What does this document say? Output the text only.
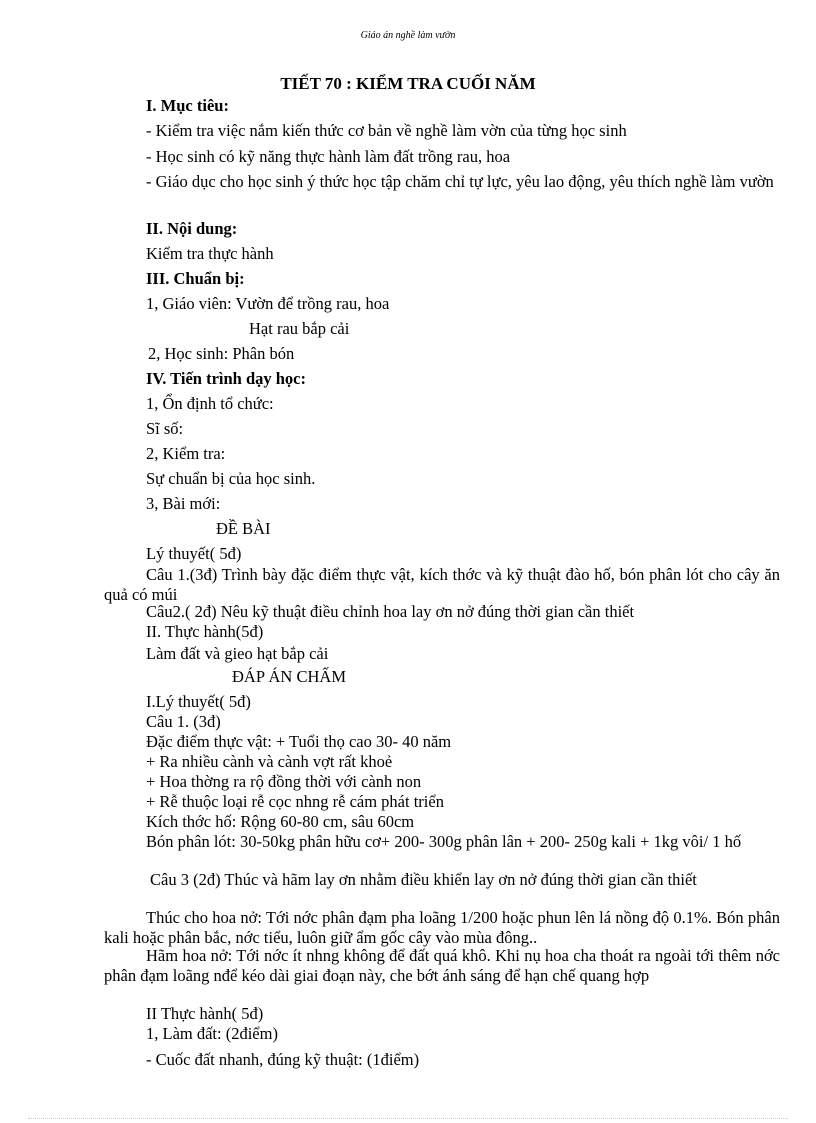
Giáo án nghề làm vườn
TIẾT 70 : KIỂM TRA CUỐI NĂM
I. Mục tiêu:
- Kiểm tra việc nắm kiến thức cơ bản về nghề làm vờn của từng học sinh
- Học sinh có kỹ năng thực hành làm đất trồng rau, hoa
- Giáo dục cho học sinh ý thức học tập chăm chỉ tự lực, yêu lao động, yêu thích nghề làm vườn
II. Nội dung:
Kiểm tra thực hành
III. Chuẩn bị:
1, Giáo viên: Vườn để trồng rau, hoa
Hạt rau bắp cải
2, Học sinh: Phân bón
IV. Tiến trình dạy học:
1, Ổn định tổ chức:
Sĩ số:
2, Kiểm tra:
Sự chuẩn bị của học sinh.
3, Bài mới:
ĐỀ BÀI
Lý thuyết( 5đ)
Câu 1.(3đ) Trình bày đặc điểm thực vật, kích thớc và kỹ thuật đào hố, bón phân lót cho cây ăn quả có múi
Câu2.( 2đ) Nêu kỹ thuật điều chỉnh hoa lay ơn nở đúng thời gian cần thiết
II. Thực hành(5đ)
Làm đất và gieo hạt bắp cải
ĐÁP ÁN CHẤM
I.Lý thuyết( 5đ)
Câu 1. (3đ)
Đặc điểm thực vật: + Tuổi thọ cao 30- 40 năm
+ Ra nhiều cành và cành vợt rất khoẻ
+ Hoa thờng ra rộ đồng thời với cành non
+ Rễ thuộc loại rễ cọc nhng rễ cám phát triển
Kích thớc hố: Rộng 60-80 cm, sâu 60cm
Bón phân lót: 30-50kg phân hữu cơ+ 200- 300g phân lân + 200- 250g kali + 1kg vôi/ 1 hố
Câu 3 (2đ) Thúc và hãm lay ơn nhằm điều khiển lay ơn nở đúng thời gian cần thiết
Thúc cho hoa nở: Tới nớc phân đạm pha loãng 1/200 hoặc phun lên lá nồng độ 0.1%. Bón phân kali hoặc phân bắc, nớc tiểu, luôn giữ ẩm gốc cây vào mùa đông..
Hãm hoa nở: Tới nớc ít nhng không để đất quá khô. Khi nụ hoa cha thoát ra ngoài tới thêm nớc phân đạm loãng nđể kéo dài giai đoạn này, che bớt ánh sáng để hạn chế quang hợp
II Thực hành( 5đ)
1, Làm đất: (2điểm)
- Cuốc đất nhanh, đúng kỹ thuật: (1điểm)
